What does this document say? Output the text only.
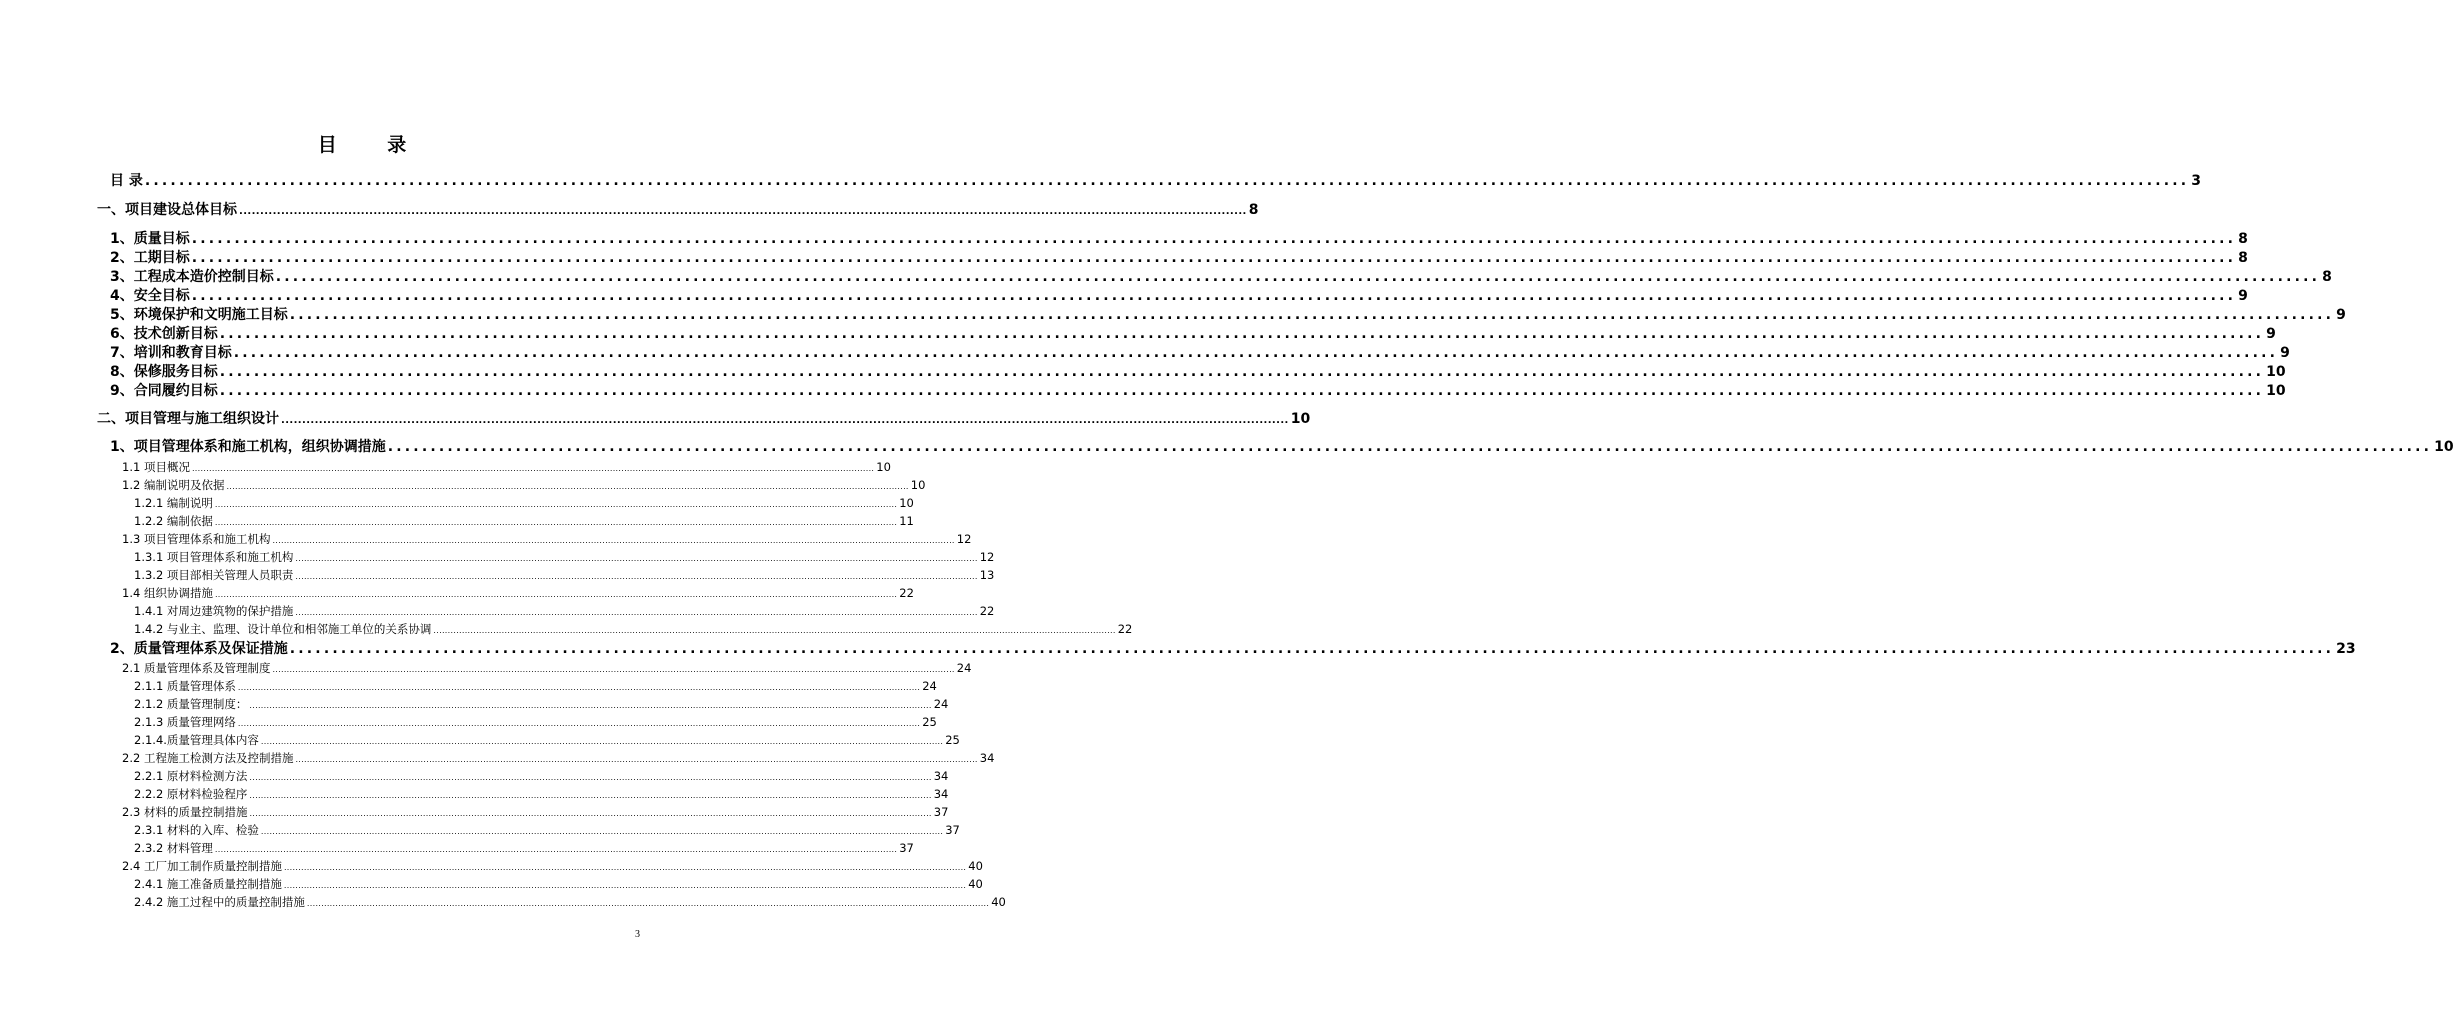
目 录
目 录 ................................................................................................................................................................................................................................................ 3
一、项目建设总体目标 ................................................................................................................................................................................................................................................ 8
1、质量目标 ................................................................................................................................................................................................................................................ 8
2、工期目标 ................................................................................................................................................................................................................................................ 8
3、工程成本造价控制目标 ................................................................................................................................................................................................................................................ 8
4、安全目标 ................................................................................................................................................................................................................................................ 9
5、环境保护和文明施工目标 ................................................................................................................................................................................................................................................ 9
6、技术创新目标 ................................................................................................................................................................................................................................................ 9
7、培训和教育目标 ................................................................................................................................................................................................................................................ 9
8、保修服务目标 ................................................................................................................................................................................................................................................ 10
9、合同履约目标 ................................................................................................................................................................................................................................................ 10
二、项目管理与施工组织设计 ................................................................................................................................................................................................................................................ 10
1、项目管理体系和施工机构，组织协调措施 ................................................................................................................................................................................................................................................ 10
1.1 项目概况 ................................................................................................................................................................................................................................................ 10
1.2 编制说明及依据 ................................................................................................................................................................................................................................................ 10
1.2.1 编制说明 ................................................................................................................................................................................................................................................ 10
1.2.2 编制依据 ................................................................................................................................................................................................................................................ 11
1.3 项目管理体系和施工机构 ................................................................................................................................................................................................................................................ 12
1.3.1 项目管理体系和施工机构 ................................................................................................................................................................................................................................................ 12
1.3.2 项目部相关管理人员职责 ................................................................................................................................................................................................................................................ 13
1.4 组织协调措施 ................................................................................................................................................................................................................................................ 22
1.4.1 对周边建筑物的保护措施 ................................................................................................................................................................................................................................................ 22
1.4.2 与业主、监理、设计单位和相邻施工单位的关系协调 ................................................................................................................................................................................................................................................ 22
2、质量管理体系及保证措施 ................................................................................................................................................................................................................................................ 23
2.1 质量管理体系及管理制度 ................................................................................................................................................................................................................................................ 24
2.1.1 质量管理体系 ................................................................................................................................................................................................................................................ 24
2.1.2 质量管理制度： ................................................................................................................................................................................................................................................ 24
2.1.3 质量管理网络 ................................................................................................................................................................................................................................................ 25
2.1.4.质量管理具体内容 ................................................................................................................................................................................................................................................ 25
2.2 工程施工检测方法及控制措施 ................................................................................................................................................................................................................................................ 34
2.2.1 原材料检测方法 ................................................................................................................................................................................................................................................ 34
2.2.2 原材料检验程序 ................................................................................................................................................................................................................................................ 34
2.3 材料的质量控制措施 ................................................................................................................................................................................................................................................ 37
2.3.1 材料的入库、检验 ................................................................................................................................................................................................................................................ 37
2.3.2 材料管理 ................................................................................................................................................................................................................................................ 37
2.4 工厂加工制作质量控制措施 ................................................................................................................................................................................................................................................ 40
2.4.1 施工准备质量控制措施 ................................................................................................................................................................................................................................................ 40
2.4.2 施工过程中的质量控制措施 ................................................................................................................................................................................................................................................ 40
3
